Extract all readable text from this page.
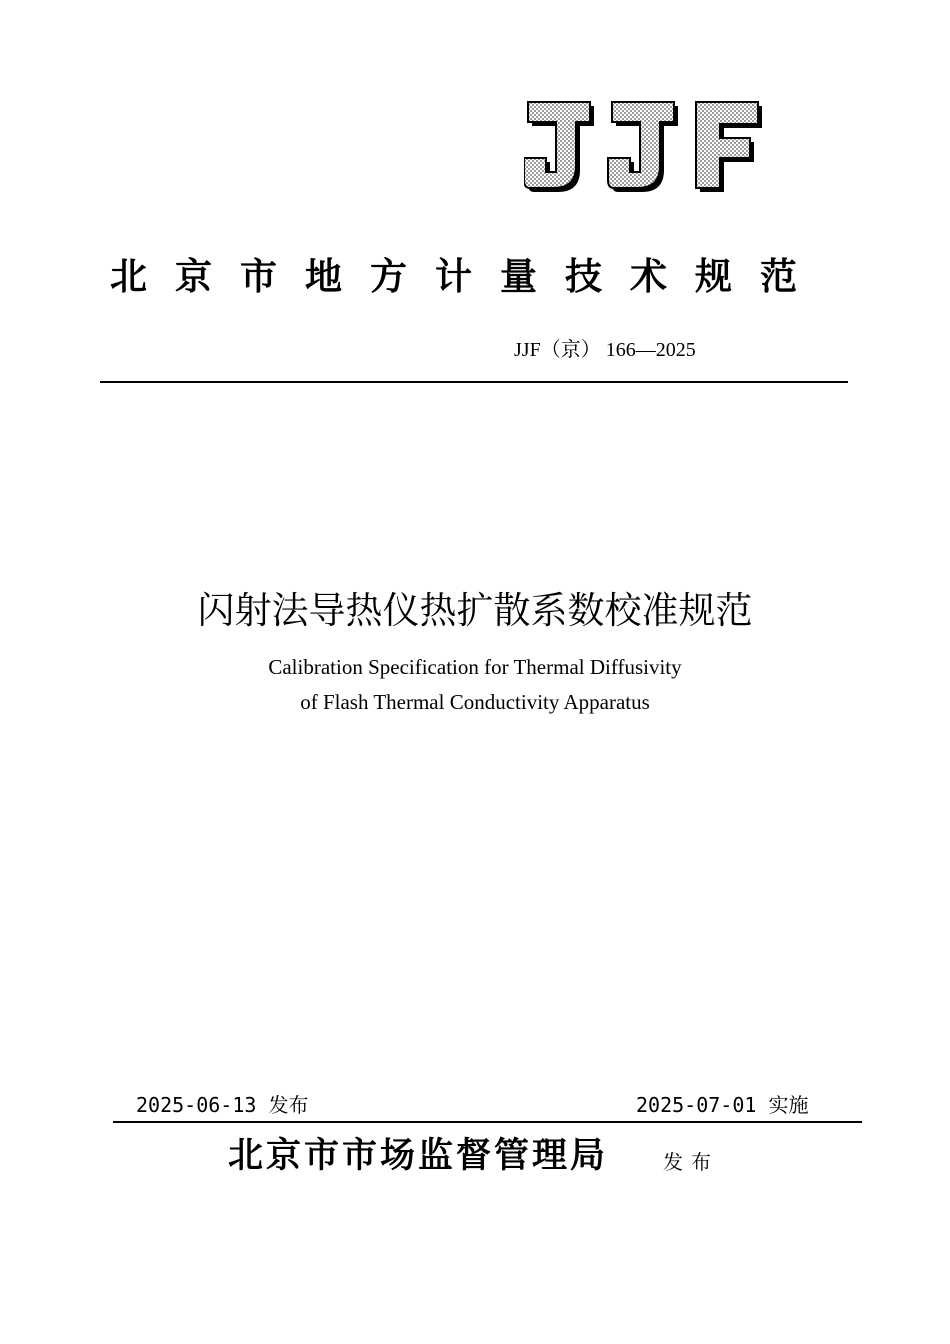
北京市地方计量技术规范
JJF（京） 166—2025
闪射法导热仪热扩散系数校准规范
Calibration Specification for Thermal Diffusivity
of Flash Thermal Conductivity Apparatus
2025-06-13 发布	2025-07-01 实施
北京市市场监督管理局	发布
